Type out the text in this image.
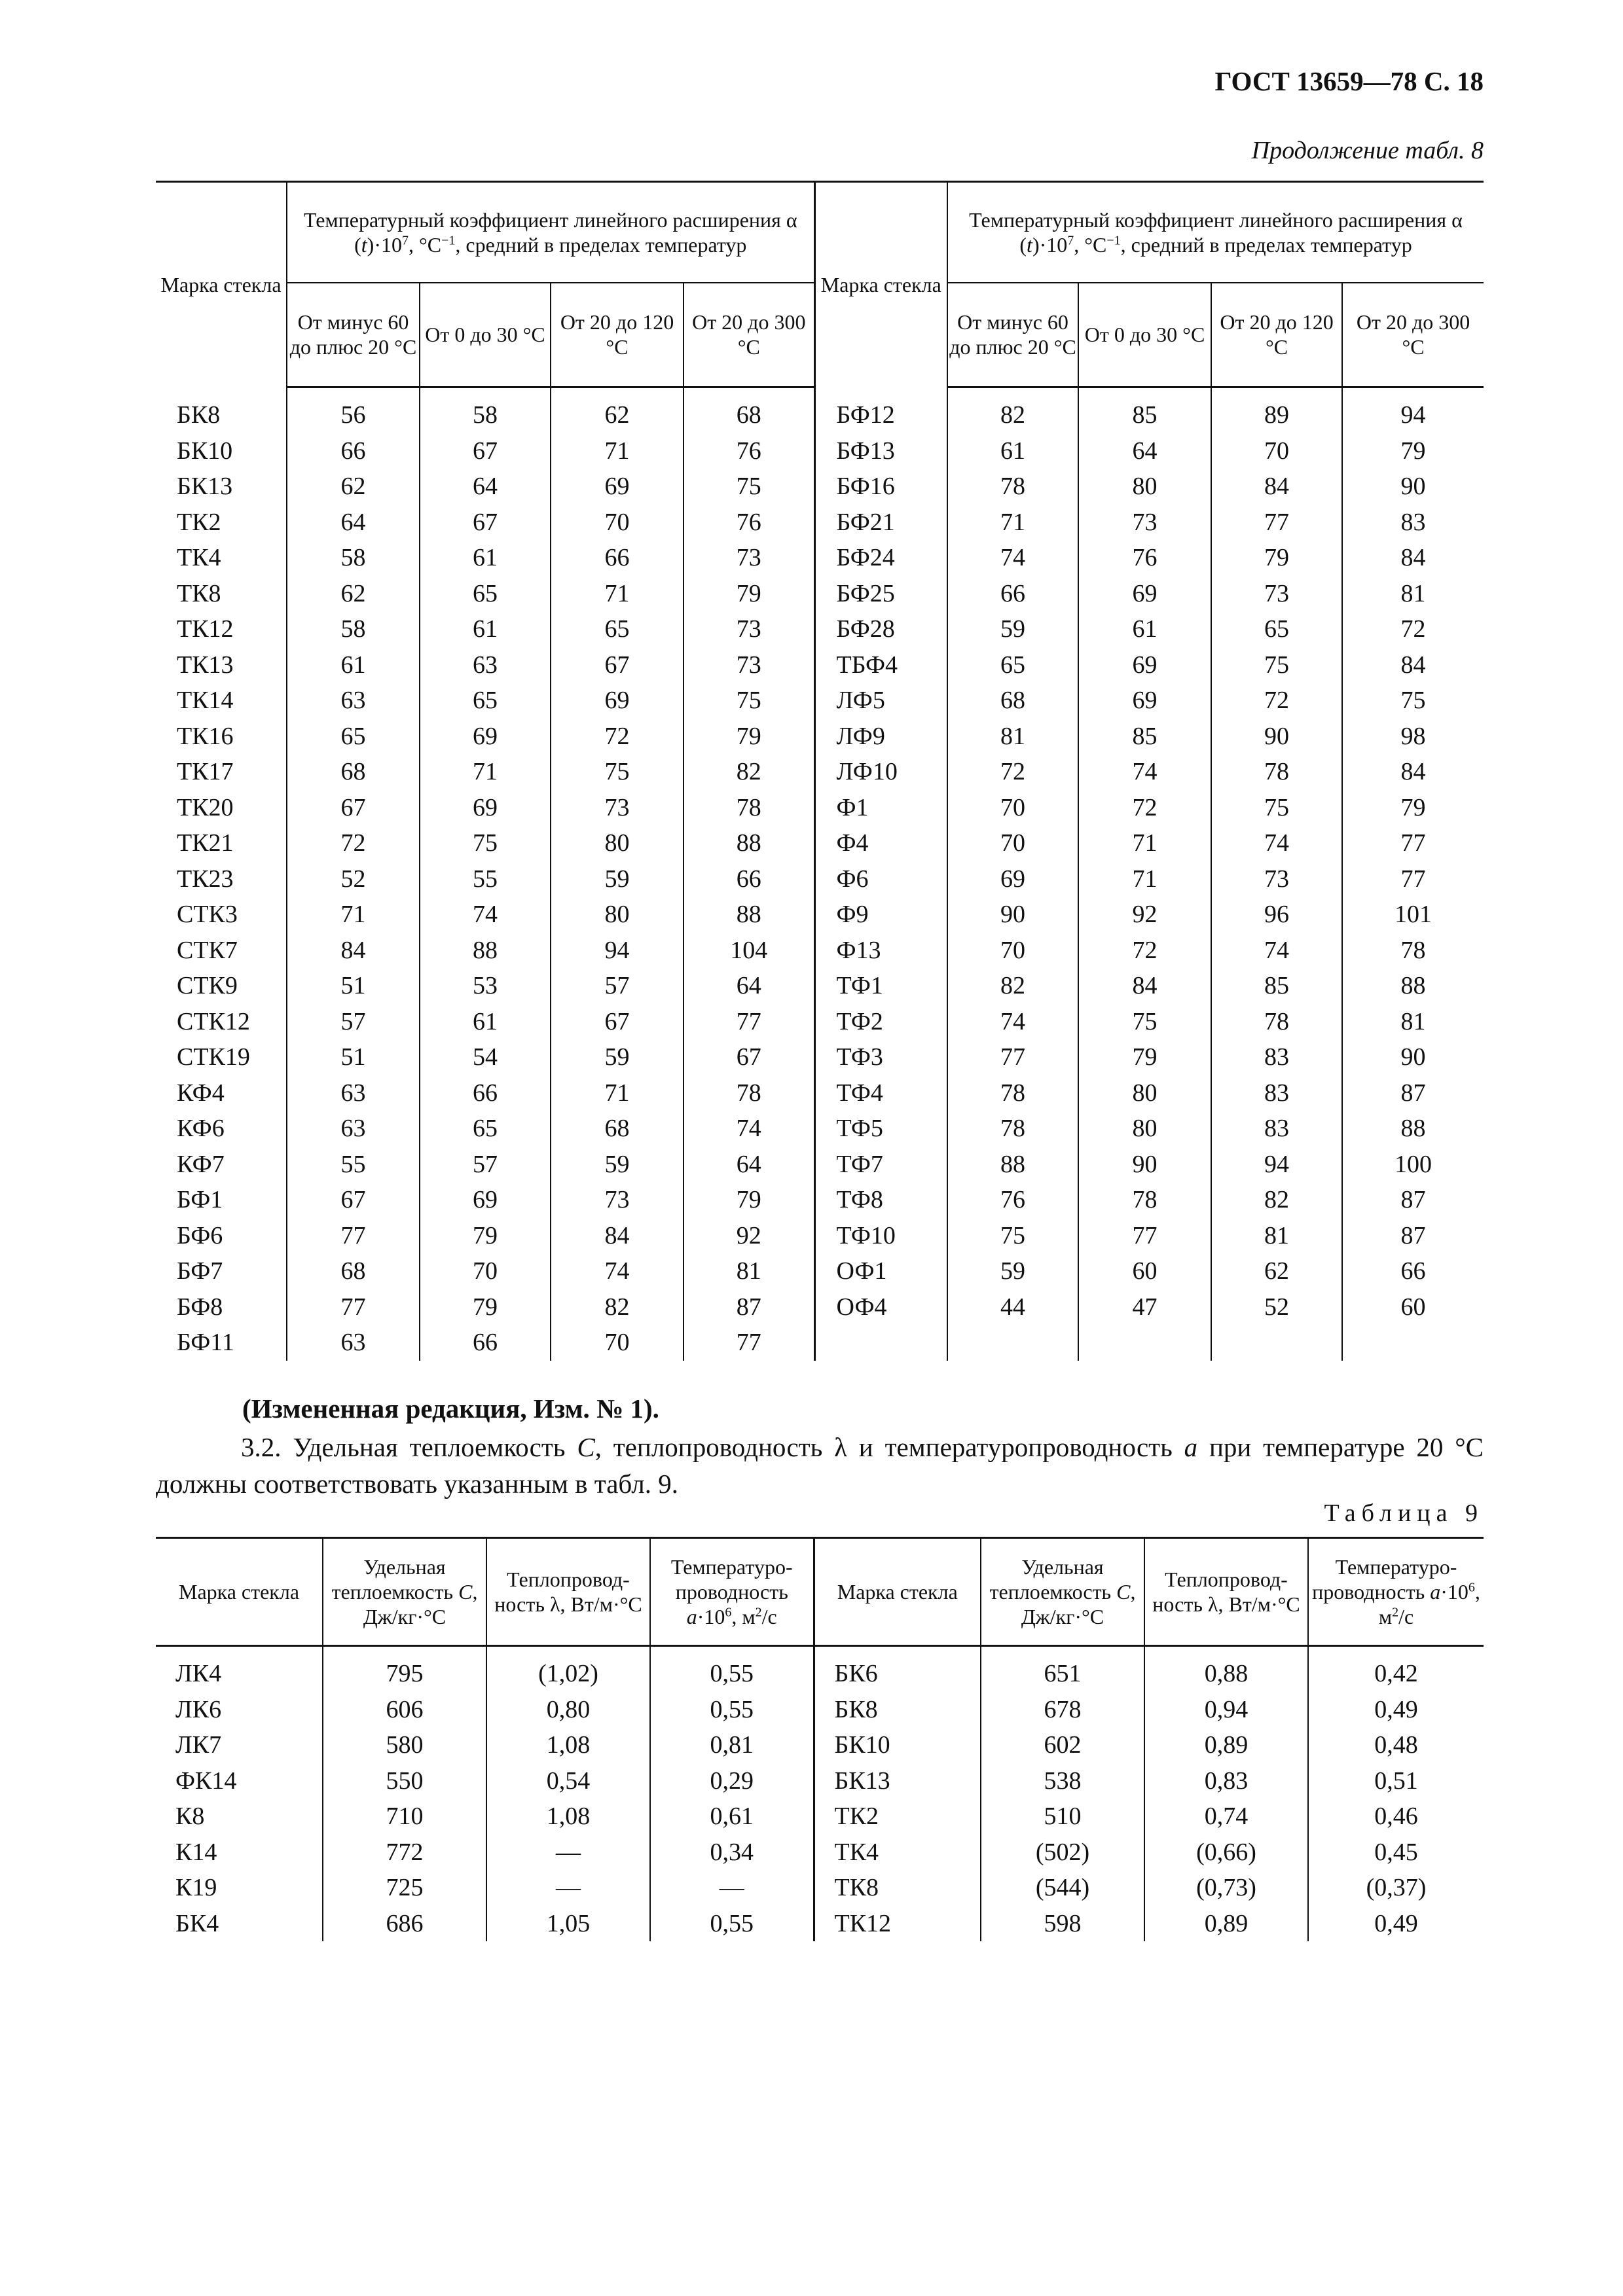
ГОСТ 13659—78 С. 18
Продолжение табл. 8
Марка стекла	Температурный коэффициент линейного расширения α $(t)\cdot 10^7$, $^\circ C^{-1}$, средний в пределах температур				Марка стекла	Температурный коэффициент линейного расширения α $(t)\cdot 10^7$, $^\circ C^{-1}$, средний в пределах температур			
	От минус 60 до плюс 20 °C	От 0 до 30 °C	От 20 до 120 °C	От 20 до 300 °C		От минус 60 до плюс 20 °C	От 0 до 30 °C	От 20 до 120 °C	От 20 до 300 °C
БК8	56	58	62	68	БФ12	82	85	89	94
БК10	66	67	71	76	БФ13	61	64	70	79
БК13	62	64	69	75	БФ16	78	80	84	90
ТК2	64	67	70	76	БФ21	71	73	77	83
ТК4	58	61	66	73	БФ24	74	76	79	84
ТК8	62	65	71	79	БФ25	66	69	73	81
ТК12	58	61	65	73	БФ28	59	61	65	72
ТК13	61	63	67	73	ТБФ4	65	69	75	84
ТК14	63	65	69	75	ЛФ5	68	69	72	75
ТК16	65	69	72	79	ЛФ9	81	85	90	98
ТК17	68	71	75	82	ЛФ10	72	74	78	84
ТК20	67	69	73	78	Ф1	70	72	75	79
ТК21	72	75	80	88	Ф4	70	71	74	77
ТК23	52	55	59	66	Ф6	69	71	73	77
СТК3	71	74	80	88	Ф9	90	92	96	101
СТК7	84	88	94	104	Ф13	70	72	74	78
СТК9	51	53	57	64	ТФ1	82	84	85	88
СТК12	57	61	67	77	ТФ2	74	75	78	81
СТК19	51	54	59	67	ТФ3	77	79	83	90
КФ4	63	66	71	78	ТФ4	78	80	83	87
КФ6	63	65	68	74	ТФ5	78	80	83	88
КФ7	55	57	59	64	ТФ7	88	90	94	100
БФ1	67	69	73	79	ТФ8	76	78	82	87
БФ6	77	79	84	92	ТФ10	75	77	81	87
БФ7	68	70	74	81	ОФ1	59	60	62	66
БФ8	77	79	82	87	ОФ4	44	47	52	60
БФ11	63	66	70	77					
(Измененная редакция, Изм. № 1).
3.2. Удельная теплоемкость C, теплопроводность λ и температуропроводность a при температуре 20 °C должны соответствовать указанным в табл. 9.
Таблица 9
Марка стекла	Удельная теплоемкость C, Дж/кг·°C	Теплопроводность λ, Вт/м·°C	Температуропроводность $a\cdot 10^6$, $м^2/с$	Марка стекла	Удельная теплоемкость C, Дж/кг·°C	Теплопроводность λ, Вт/м·°C	Температуропроводность $a\cdot 10^6$, $м^2/с$
ЛК4	795	(1,02)	0,55	БК6	651	0,88	0,42
ЛК6	606	0,80	0,55	БК8	678	0,94	0,49
ЛК7	580	1,08	0,81	БК10	602	0,89	0,48
ФК14	550	0,54	0,29	БК13	538	0,83	0,51
К8	710	1,08	0,61	ТК2	510	0,74	0,46
К14	772	—	0,34	ТК4	(502)	(0,66)	0,45
К19	725	—	—	ТК8	(544)	(0,73)	(0,37)
БК4	686	1,05	0,55	ТК12	598	0,89	0,49
